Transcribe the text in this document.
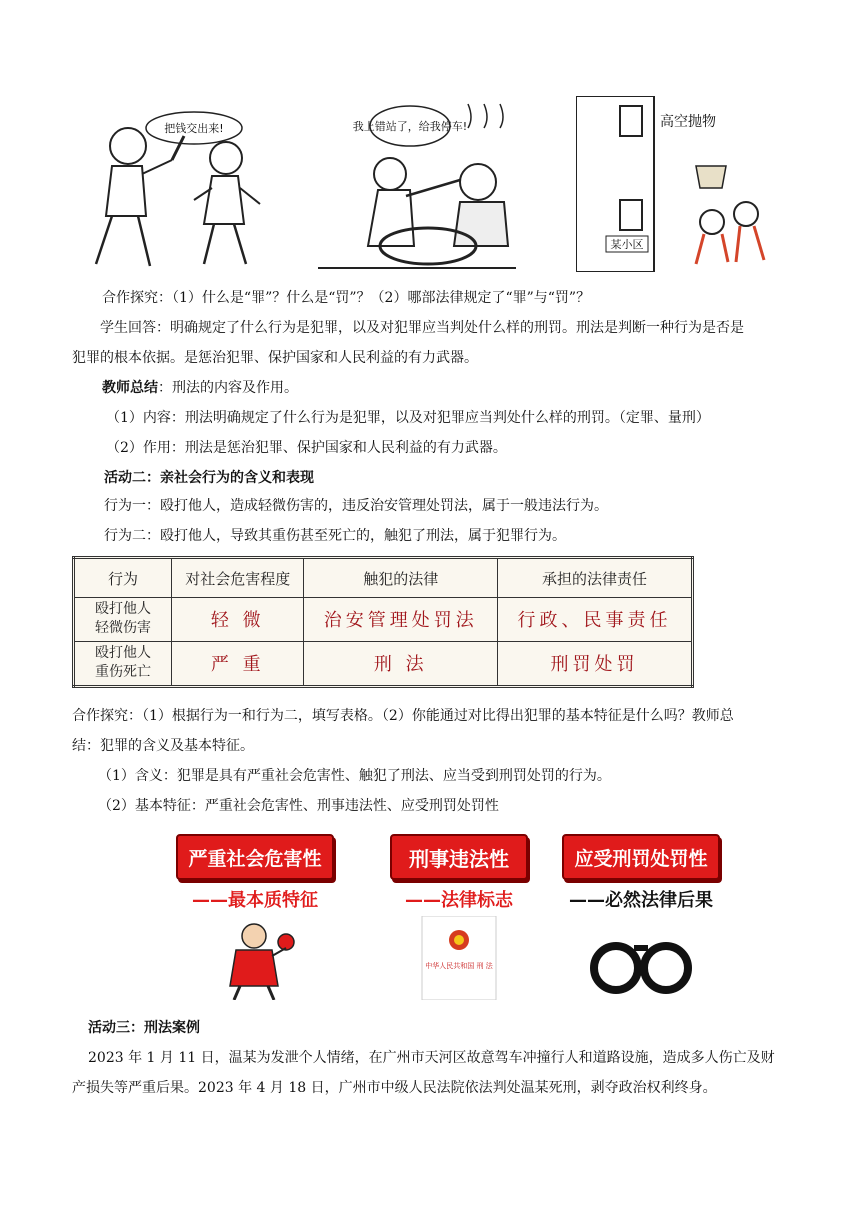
把钱交出来!	我上错站了，给我停车!
某小区
高空抛物
合作探究：（1）什么是“罪”？什么是“罚”？（2）哪部法律规定了“罪”与“罚”？
学生回答：明确规定了什么行为是犯罪，以及对犯罪应当判处什么样的刑罚。刑法是判断一种行为是否是
犯罪的根本依据。是惩治犯罪、保护国家和人民利益的有力武器。
教师总结：刑法的内容及作用。
（1）内容：刑法明确规定了什么行为是犯罪，以及对犯罪应当判处什么样的刑罚。（定罪、量刑）
（2）作用：刑法是惩治犯罪、保护国家和人民利益的有力武器。
活动二：亲社会行为的含义和表现
行为一：殴打他人，造成轻微伤害的，违反治安管理处罚法，属于一般违法行为。
行为二：殴打他人，导致其重伤甚至死亡的，触犯了刑法，属于犯罪行为。
行为	对社会危害程度	触犯的法律	承担的法律责任

殴打他人
轻微伤害	轻 微	治安管理处罚法	行政、民事责任

殴打他人
重伤死亡	严 重	刑 法	刑罚处罚
合作探究：（1）根据行为一和行为二，填写表格。（2）你能通过对比得出犯罪的基本特征是什么吗？教师总
结：犯罪的含义及基本特征。
（1）含义：犯罪是具有严重社会危害性、触犯了刑法、应当受到刑罚处罚的行为。
（2）基本特征：严重社会危害性、刑事违法性、应受刑罚处罚性
严重社会危害性
——最本质特征
刑事违法性
——法律标志
中华人民共和国 刑 法
应受刑罚处罚性
——必然法律后果
活动三：刑法案例
2023 年 1 月 11 日，温某为发泄个人情绪，在广州市天河区故意驾车冲撞行人和道路设施，造成多人伤亡及财
产损失等严重后果。2023 年 4 月 18 日，广州市中级人民法院依法判处温某死刑，剥夺政治权利终身。
